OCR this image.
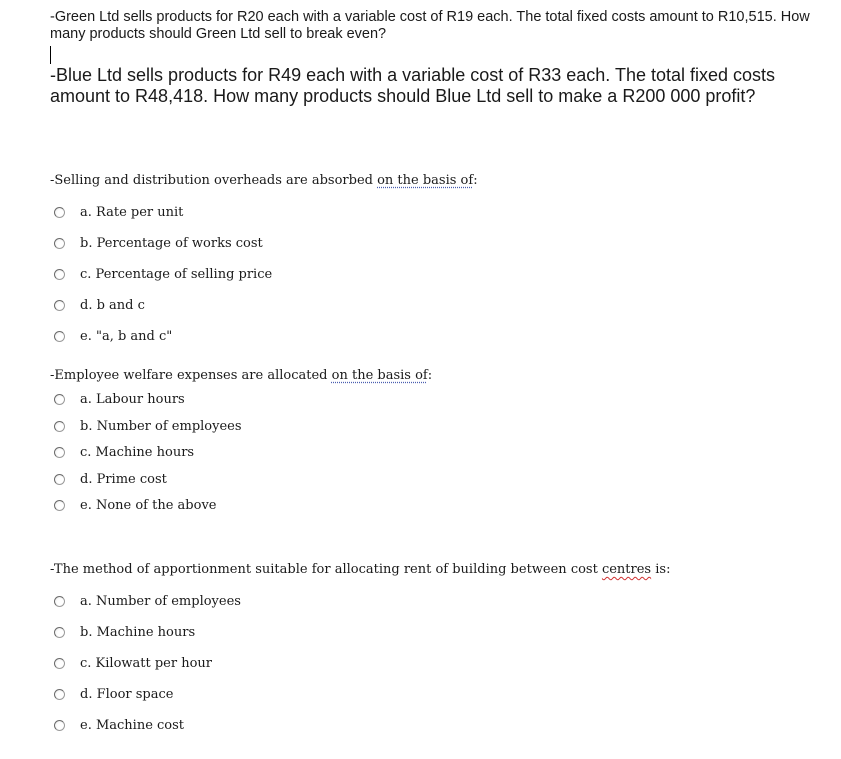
-Green Ltd sells products for R20 each with a variable cost of R19 each. The total fixed costs amount to R10,515. How many products should Green Ltd sell to break even?
-Blue Ltd sells products for R49 each with a variable cost of R33 each. The total fixed costs amount to R48,418. How many products should Blue Ltd sell to make a R200 000 profit?
-Selling and distribution overheads are absorbed on the basis of:
a. Rate per unit
b. Percentage of works cost
c. Percentage of selling price
d. b and c
e. "a, b and c"
-Employee welfare expenses are allocated on the basis of:
a. Labour hours
b. Number of employees
c. Machine hours
d. Prime cost
e. None of the above
-The method of apportionment suitable for allocating rent of building between cost centres is:
a. Number of employees
b. Machine hours
c. Kilowatt per hour
d. Floor space
e. Machine cost
